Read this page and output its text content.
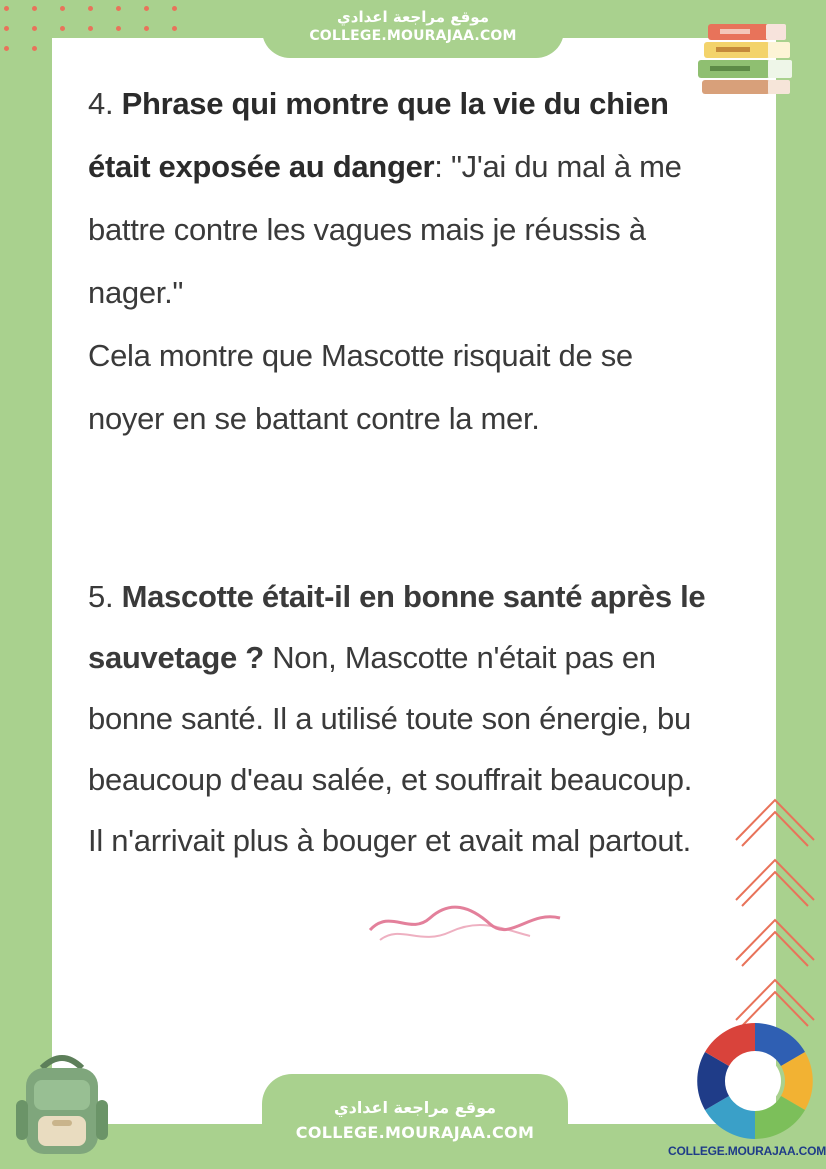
موقع مراجعة اعدادي
COLLEGE.MOURAJAA.COM

4. Phrase qui montre que la vie du chien était exposée au danger: "J'ai du mal à me battre contre les vagues mais je réussis à nager."

Cela montre que Mascotte risquait de se noyer en se battant contre la mer.

5. Mascotte était-il en bonne santé après le sauvetage ? Non, Mascotte n'était pas en bonne santé. Il a utilisé toute son énergie, bu beaucoup d'eau salée, et souffrait beaucoup. Il n'arrivait plus à bouger et avait mal partout.

موقع مراجعة اعدادي
COLLEGE.MOURAJAA.COM
COLLEGE.MOURAJAA.COM
